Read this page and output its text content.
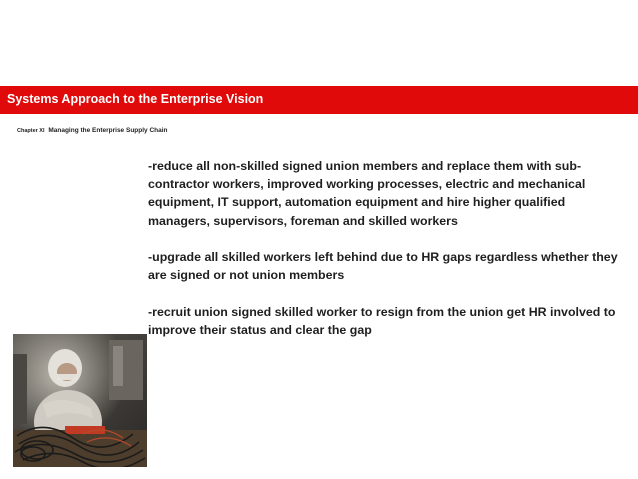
Systems Approach to the Enterprise Vision
Chapter XI Managing the Enterprise Supply Chain

-reduce all non-skilled signed union members and replace them with sub-contractor workers, improved working processes, electric and mechanical equipment, IT support, automation equipment and hire higher qualified managers, supervisors, foreman and skilled workers

-upgrade all skilled workers left behind due to HR gaps regardless whether they are signed or not union members

-recruit union signed skilled worker to resign from the union get HR involved to improve their status and clear the gap
